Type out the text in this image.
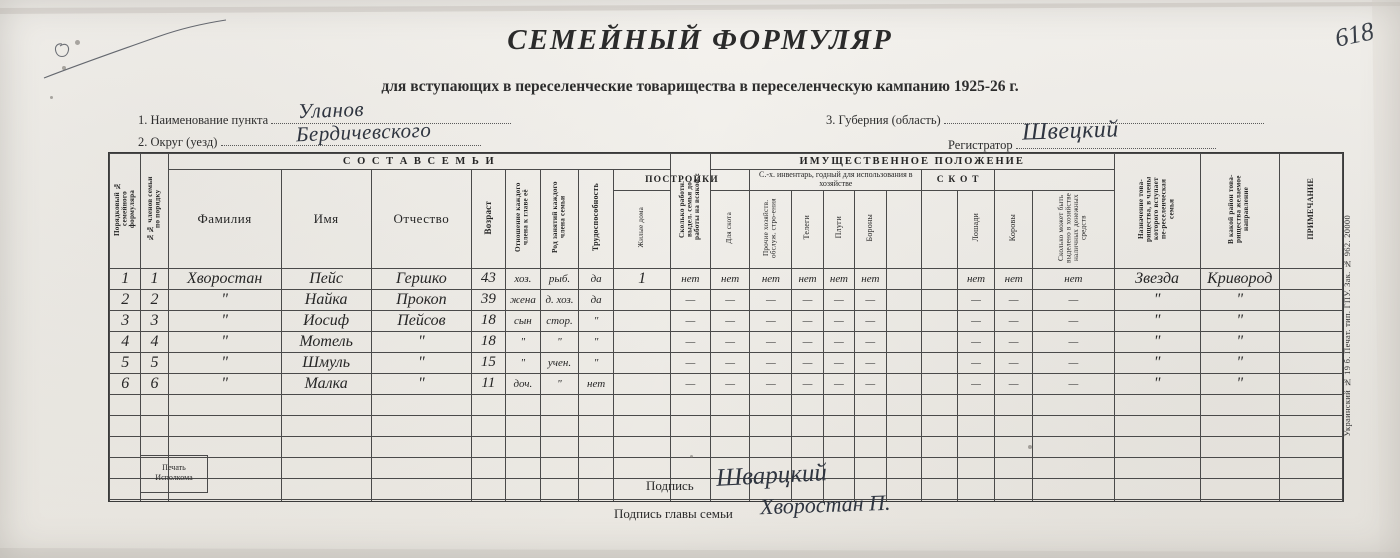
618
СЕМЕЙНЫЙ ФОРМУЛЯР
для вступающих в переселенческие товарищества в переселенческую кампанию 1925-26 г.
1. Наименование пункта	Уланов	3. Губерния (область)
2. Округ (уезд)	Бердичевского	Регистратор Швецкий
Порядковый № семейного формуляра	№№ членов семьи по порядку	С О С Т А В С Е М Ь И								Сколько работн. выдел. семья до работы на всякой	ИМУЩЕСТВЕННОЕ ПОЛОЖЕНИЕ										Назначение това-рищества, в члены которого вступает пе-реселенческая семья	В какой район това-рищества желаемое направление	ПРИМЕЧАНИЕ
		Фамилия	Имя	Отчество	Возраст	Отношение каждого члена к главе её	Род занятий каждого члена семьи	Трудоспособность	ПОСТРОЙКИ			С.-х. инвентарь, годный для использования в хозяйстве					С К О Т						
									Жилые дома		Для скота	Прочие хозяйств. обслуж. стро-ения	Телеги	Плуги	Бороны			Лошади	Коровы	Сколько может быть выделено в хозяйстве наличных денежных средств			
1	1	Хворостан	Пейс	Гершко	43	хоз.	рыб.	да	1	нет	нет	нет	нет	нет	нет			нет	нет	нет	Звезда	Кривород	
2	2	"	Найка	Прокоп	39	жена	д. хоз.	да		—	—	—	—	—	—			—	—	—	"	"	
3	3	"	Иосиф	Пейсов	18	сын	стор.	"		—	—	—	—	—	—			—	—	—	"	"	
4	4	"	Мотель	"	18	"	"	"		—	—	—	—	—	—			—	—	—	"	"	
5	5	"	Шмуль	"	15	"	учен.	"		—	—	—	—	—	—			—	—	—	"	"	
6	6	"	Малка	"	11	доч.	"	нет		—	—	—	—	—	—			—	—	—	"	"	

Печать
Исполкома
Подпись Шварцкий
Подпись главы семьи Хворостан П.
Украинский № 19 б. Печат. тип. ГПУ. Зак. № 962. 20000
